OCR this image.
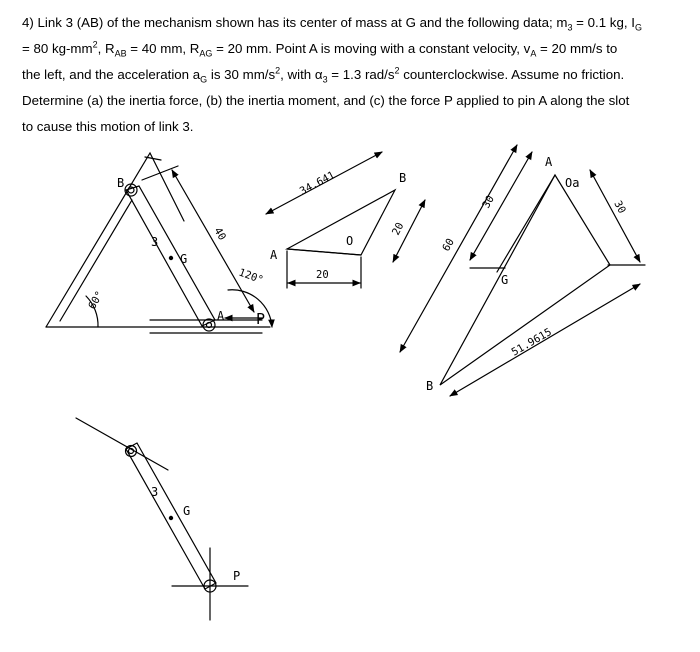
4) Link 3 (AB) of the mechanism shown has its center of mass at G and the following data; $m_3 = 0.1$ kg, $I_G$
= 80 $kg-mm^2$, $R_{AB} = 40$ mm, $R_{AG} = 20$ mm. Point A is moving with a constant velocity, $v_A = 20$ mm/s to
the left, and the acceleration $a_G$ is 30 $mm/s^2$, with $\alpha_3 = 1.3$ rad/$s^2$ counterclockwise. Assume no friction.
Determine (a) the inertia force, (b) the inertia moment, and (c) the force P applied to pin A along the slot
to cause this motion of link 3.
B
3
G
A P
40
60°
120°
A
B
O
34.641
20
20
A
B
G
Oa
60
30	30
51.9615
3
G
P
